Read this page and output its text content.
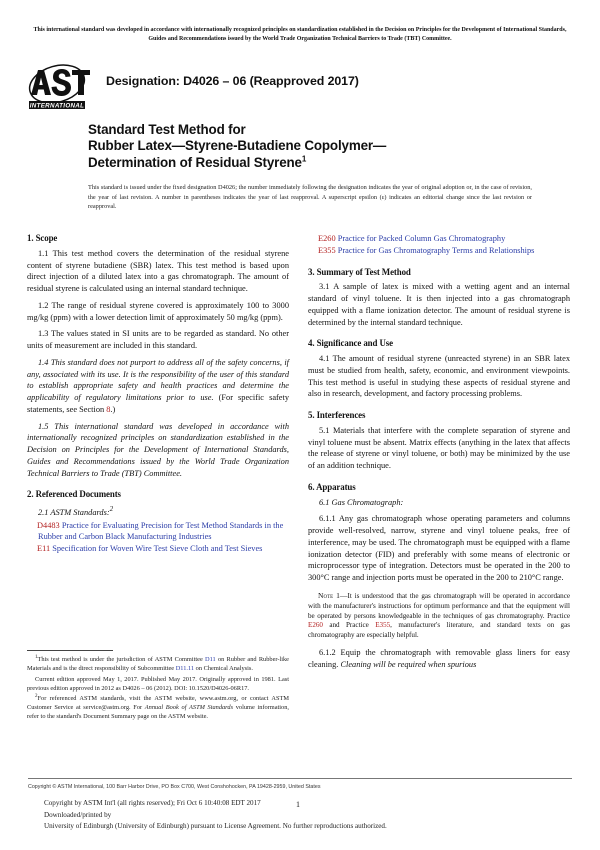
This international standard was developed in accordance with internationally recognized principles on standardization established in the Decision on Principles for the Development of International Standards, Guides and Recommendations issued by the World Trade Organization Technical Barriers to Trade (TBT) Committee.
INTERNATIONAL
Designation: D4026 – 06 (Reapproved 2017)
Standard Test Method for
Rubber Latex—Styrene-Butadiene Copolymer—
Determination of Residual Styrene$^1$
This standard is issued under the fixed designation D4026; the number immediately following the designation indicates the year of original adoption or, in the case of revision, the year of last revision. A number in parentheses indicates the year of last reapproval. A superscript epsilon (ε) indicates an editorial change since the last revision or reapproval.
1. Scope

1.1 This test method covers the determination of the residual styrene content of styrene butadiene (SBR) latex. This test method is based upon direct injection of a diluted latex into a gas chromatograph. The amount of residual styrene is calculated using an internal standard technique.

1.2 The range of residual styrene covered is approximately 100 to 3000 mg/kg (ppm) with a lower detection limit of approximately 50 mg/kg (ppm).

1.3 The values stated in SI units are to be regarded as standard. No other units of measurement are included in this standard.

1.4 This standard does not purport to address all of the safety concerns, if any, associated with its use. It is the responsibility of the user of this standard to establish appropriate safety and health practices and determine the applicability of regulatory limitations prior to use. (For specific safety statements, see Section 8.)

1.5 This international standard was developed in accordance with internationally recognized principles on standardization established in the Decision on Principles for the Development of International Standards, Guides and Recommendations issued by the World Trade Organization Technical Barriers to Trade (TBT) Committee.

2. Referenced Documents

2.1 ASTM Standards:$^2$

D4483 Practice for Evaluating Precision for Test Method Standards in the Rubber and Carbon Black Manufacturing Industries

E11 Specification for Woven Wire Test Sieve Cloth and Test Sieves

$^1$This test method is under the jurisdiction of ASTM Committee D11 on Rubber and Rubber-like Materials and is the direct responsibility of Subcommittee D11.11 on Chemical Analysis.

Current edition approved May 1, 2017. Published May 2017. Originally approved in 1981. Last previous edition approved in 2012 as D4026 – 06 (2012). DOI: 10.1520/D4026-06R17.

$^2$For referenced ASTM standards, visit the ASTM website, www.astm.org, or contact ASTM Customer Service at service@astm.org. For Annual Book of ASTM Standards volume information, refer to the standard's Document Summary page on the ASTM website.

E260 Practice for Packed Column Gas Chromatography

E355 Practice for Gas Chromatography Terms and Relationships

3. Summary of Test Method

3.1 A sample of latex is mixed with a wetting agent and an internal standard of vinyl toluene. It is then injected into a gas chromatograph equipped with a flame ionization detector. The amount of residual styrene is determined by the internal standard technique.

4. Significance and Use

4.1 The amount of residual styrene (unreacted styrene) in an SBR latex must be studied from health, safety, economic, and environment viewpoints. This test method is useful in studying these aspects of residual styrene and also in research, development, and factory processing problems.

5. Interferences

5.1 Materials that interfere with the complete separation of styrene and vinyl toluene must be absent. Matrix effects (anything in the latex that affects the release of styrene or vinyl toluene, or both) may be minimized by the use of an addition technique.

6. Apparatus

6.1 Gas Chromatograph:

6.1.1 Any gas chromatograph whose operating parameters and columns provide well-resolved, narrow, styrene and vinyl toluene peaks, free of interference, may be used. The chromatograph must be equipped with a flame ionization detector (FID) and preferably with some means of electronic or microprocessor type of integration. Detectors must be operated in the 200 to 300°C range and injection ports must be operated in the 200 to 210°C range.

Note 1—It is understood that the gas chromatograph will be operated in accordance with the manufacturer's instructions for optimum performance and that the equipment will be operated by persons knowledgeable in the techniques of gas chromatography. Practice E260 and Practice E355, manufacturer's literature, and standard texts on gas chromatography are especially helpful.

6.1.2 Equip the chromatograph with removable glass liners for easy cleaning. Cleaning will be required when spurious

Copyright © ASTM International, 100 Barr Harbor Drive, PO Box C700, West Conshohocken, PA 19428-2959, United States
Copyright by ASTM Int'l (all rights reserved); Fri Oct 6 10:40:08 EDT 2017
Downloaded/printed by
University of Edinburgh (University of Edinburgh) pursuant to License Agreement. No further reproductions authorized.
1
